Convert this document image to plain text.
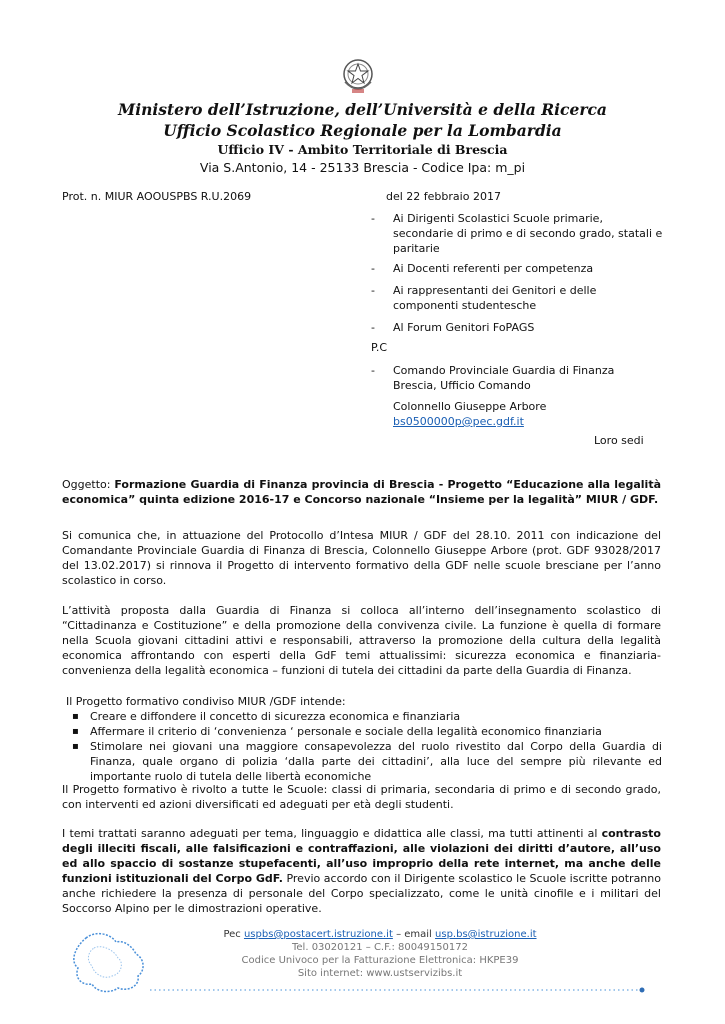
Ministero dell’Istruzione, dell’Università e della Ricerca
Ufficio Scolastico Regionale per la Lombardia
Ufficio IV - Ambito Territoriale di Brescia
Via S.Antonio, 14 - 25133 Brescia - Codice Ipa: m_pi
Prot. n. MIUR AOOUSPBS R.U.2069	del 22 febbraio 2017
- Ai Dirigenti Scolastici Scuole primarie, secondarie di primo e di secondo grado, statali e paritarie
- Ai Docenti referenti per competenza
- Ai rappresentanti dei Genitori e delle componenti studentesche
- Al Forum Genitori FoPAGS
P.C
- Comando Provinciale Guardia di Finanza
Brescia, Ufficio Comando
Colonnello Giuseppe Arbore
bs0500000p@pec.gdf.it
Loro sedi
Oggetto: Formazione Guardia di Finanza provincia di Brescia - Progetto “Educazione alla legalità economica” quinta edizione 2016-17 e Concorso nazionale “Insieme per la legalità” MIUR / GDF.
Si comunica che, in attuazione del Protocollo d’Intesa MIUR / GDF del 28.10. 2011 con indicazione del Comandante Provinciale Guardia di Finanza di Brescia, Colonnello Giuseppe Arbore (prot. GDF 93028/2017 del 13.02.2017) si rinnova il Progetto di intervento formativo della GDF nelle scuole bresciane per l’anno scolastico in corso.
L’attività proposta dalla Guardia di Finanza si colloca all’interno dell’insegnamento scolastico di “Cittadinanza e Costituzione” e della promozione della convivenza civile. La funzione è quella di formare nella Scuola giovani cittadini attivi e responsabili, attraverso la promozione della cultura della legalità economica affrontando con esperti della GdF temi attualissimi: sicurezza economica e finanziaria- convenienza della legalità economica – funzioni di tutela dei cittadini da parte della Guardia di Finanza.
Il Progetto formativo condiviso MIUR /GDF intende:
▪ Creare e diffondere il concetto di sicurezza economica e finanziaria
▪ Affermare il criterio di ‘convenienza ‘ personale e sociale della legalità economico finanziaria
▪ Stimolare nei giovani una maggiore consapevolezza del ruolo rivestito dal Corpo della Guardia di Finanza, quale organo di polizia ‘dalla parte dei cittadini’, alla luce del sempre più rilevante ed importante ruolo di tutela delle libertà economiche
Il Progetto formativo è rivolto a tutte le Scuole: classi di primaria, secondaria di primo e di secondo grado, con interventi ed azioni diversificati ed adeguati per età degli studenti.
I temi trattati saranno adeguati per tema, linguaggio e didattica alle classi, ma tutti attinenti al contrasto degli illeciti fiscali, alle falsificazioni e contraffazioni, alle violazioni dei diritti d’autore, all’uso ed allo spaccio di sostanze stupefacenti, all’uso improprio della rete internet, ma anche delle funzioni istituzionali del Corpo GdF. Previo accordo con il Dirigente scolastico le Scuole iscritte potranno anche richiedere la presenza di personale del Corpo specializzato, come le unità cinofile e i militari del Soccorso Alpino per le dimostrazioni operative.
Pec uspbs@postacert.istruzione.it – email usp.bs@istruzione.it
Tel. 03020121 – C.F.: 80049150172
Codice Univoco per la Fatturazione Elettronica: HKPE39
Sito internet: www.ustservizibs.it
